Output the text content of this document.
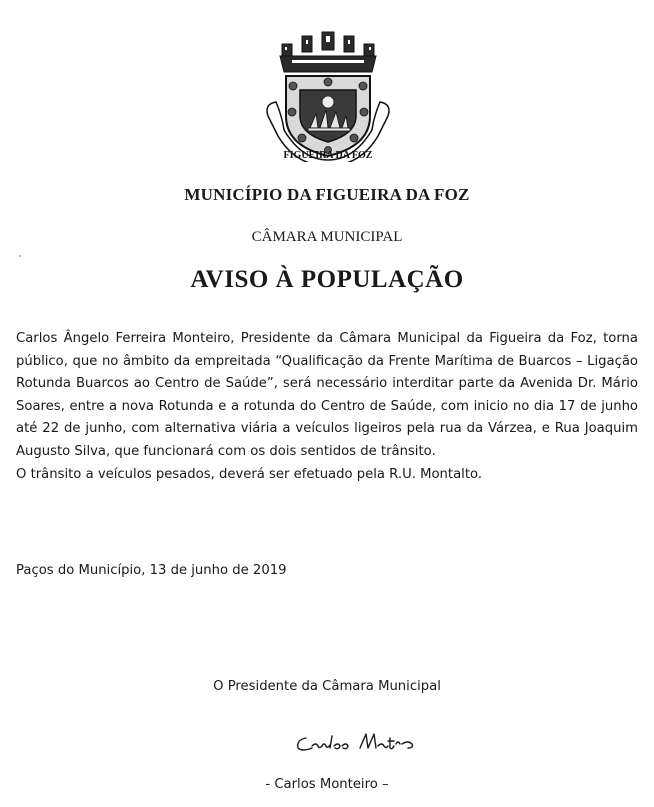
FIGUEIRA DA FOZ
MUNICÍPIO DA FIGUEIRA DA FOZ
CÂMARA MUNICIPAL
AVISO À POPULAÇÃO

Carlos Ângelo Ferreira Monteiro, Presidente da Câmara Municipal da Figueira da Foz, torna público, que no âmbito da empreitada “Qualificação da Frente Marítima de Buarcos – Ligação Rotunda Buarcos ao Centro de Saúde”, será necessário interditar parte da Avenida Dr. Mário Soares, entre a nova Rotunda e a rotunda do Centro de Saúde, com inicio no dia 17 de junho até 22 de junho, com alternativa viária a veículos ligeiros pela rua da Várzea, e Rua Joaquim Augusto Silva, que funcionará com os dois sentidos de trânsito.

O trânsito a veículos pesados, deverá ser efetuado pela R.U. Montalto.

Paços do Município, 13 de junho de 2019
O Presidente da Câmara Municipal
- Carlos Monteiro –
